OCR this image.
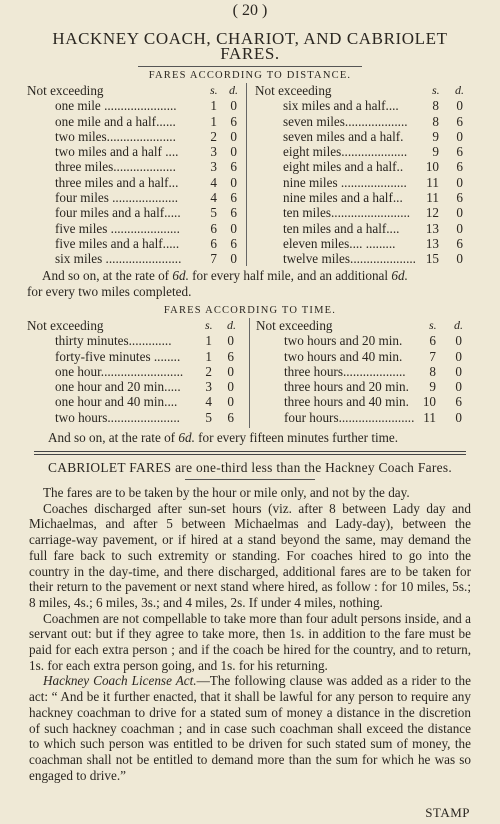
( 20 )
HACKNEY COACH, CHARIOT, AND CABRIOLET
FARES.
FARES ACCORDING TO DISTANCE.
Not exceeding	s. d.
one mile ......................	1	0
one mile and a half......	1	6
two miles.....................	2	0
two miles and a half ....	3	0
three miles...................	3	6
three miles and a half...	4	0
four miles ....................	4	6
four miles and a half.....	5	6
five miles .....................	6	0
five miles and a half.....	6	6
six miles .......................	7	0
Not exceeding	s. d.
six miles and a half....	8	0
seven miles...................	8	6
seven miles and a half.	9	0
eight miles....................	9	6
eight miles and a half.. 10	6
nine miles .................... 11	0
nine miles and a half... 11	6
ten miles........................ 12	0
ten miles and a half.... 13	0
eleven miles.... ......... 13	6
twelve miles.................... 15	0
And so on, at the rate of 6d. for every half mile, and an additional 6d.
for every two miles completed.
FARES ACCORDING TO TIME.
Not exceeding	s. d.
thirty minutes.............	1	0
forty-five minutes ........	1	6
one hour.........................	2	0
one hour and 20 min.....	3	0
one hour and 40 min....	4	0
two hours......................	5	6
Not exceeding	s. d.
two hours and 20 min.	6	0
two hours and 40 min.	7	0
three hours...................	8	0
three hours and 20 min.	9	0
three hours and 40 min. 10	6
four hours....................... 11	0
And so on, at the rate of 6d. for every fifteen minutes further time.
CABRIOLET FARES are one-third less than the Hackney Coach Fares.

The fares are to be taken by the hour or mile only, and not by the day.

Coaches discharged after sun-set hours (viz. after 8 between Lady day and Michaelmas, and after 5 between Michaelmas and Lady-day), between the carriage-way pavement, or if hired at a stand beyond the same, may demand the full fare back to such extremity or standing. For coaches hired to go into the country in the day-time, and there discharged, additional fares are to be taken for their return to the pavement or next stand where hired, as follow : for 10 miles, 5s.; 8 miles, 4s.; 6 miles, 3s.; and 4 miles, 2s. If under 4 miles, nothing.

Coachmen are not compellable to take more than four adult persons inside, and a servant out: but if they agree to take more, then 1s. in addition to the fare must be paid for each extra person ; and if the coach be hired for the country, and to return, 1s. for each extra person going, and 1s. for his returning.

Hackney Coach License Act.—The following clause was added as a rider to the act: “ And be it further enacted, that it shall be lawful for any person to require any hackney coachman to drive for a stated sum of money a distance in the discretion of such hackney coachman ; and in case such coachman shall exceed the distance to which such person was entitled to be driven for such stated sum of money, the coachman shall not be entitled to demand more than the sum for which he was so engaged to drive.”

STAMP
